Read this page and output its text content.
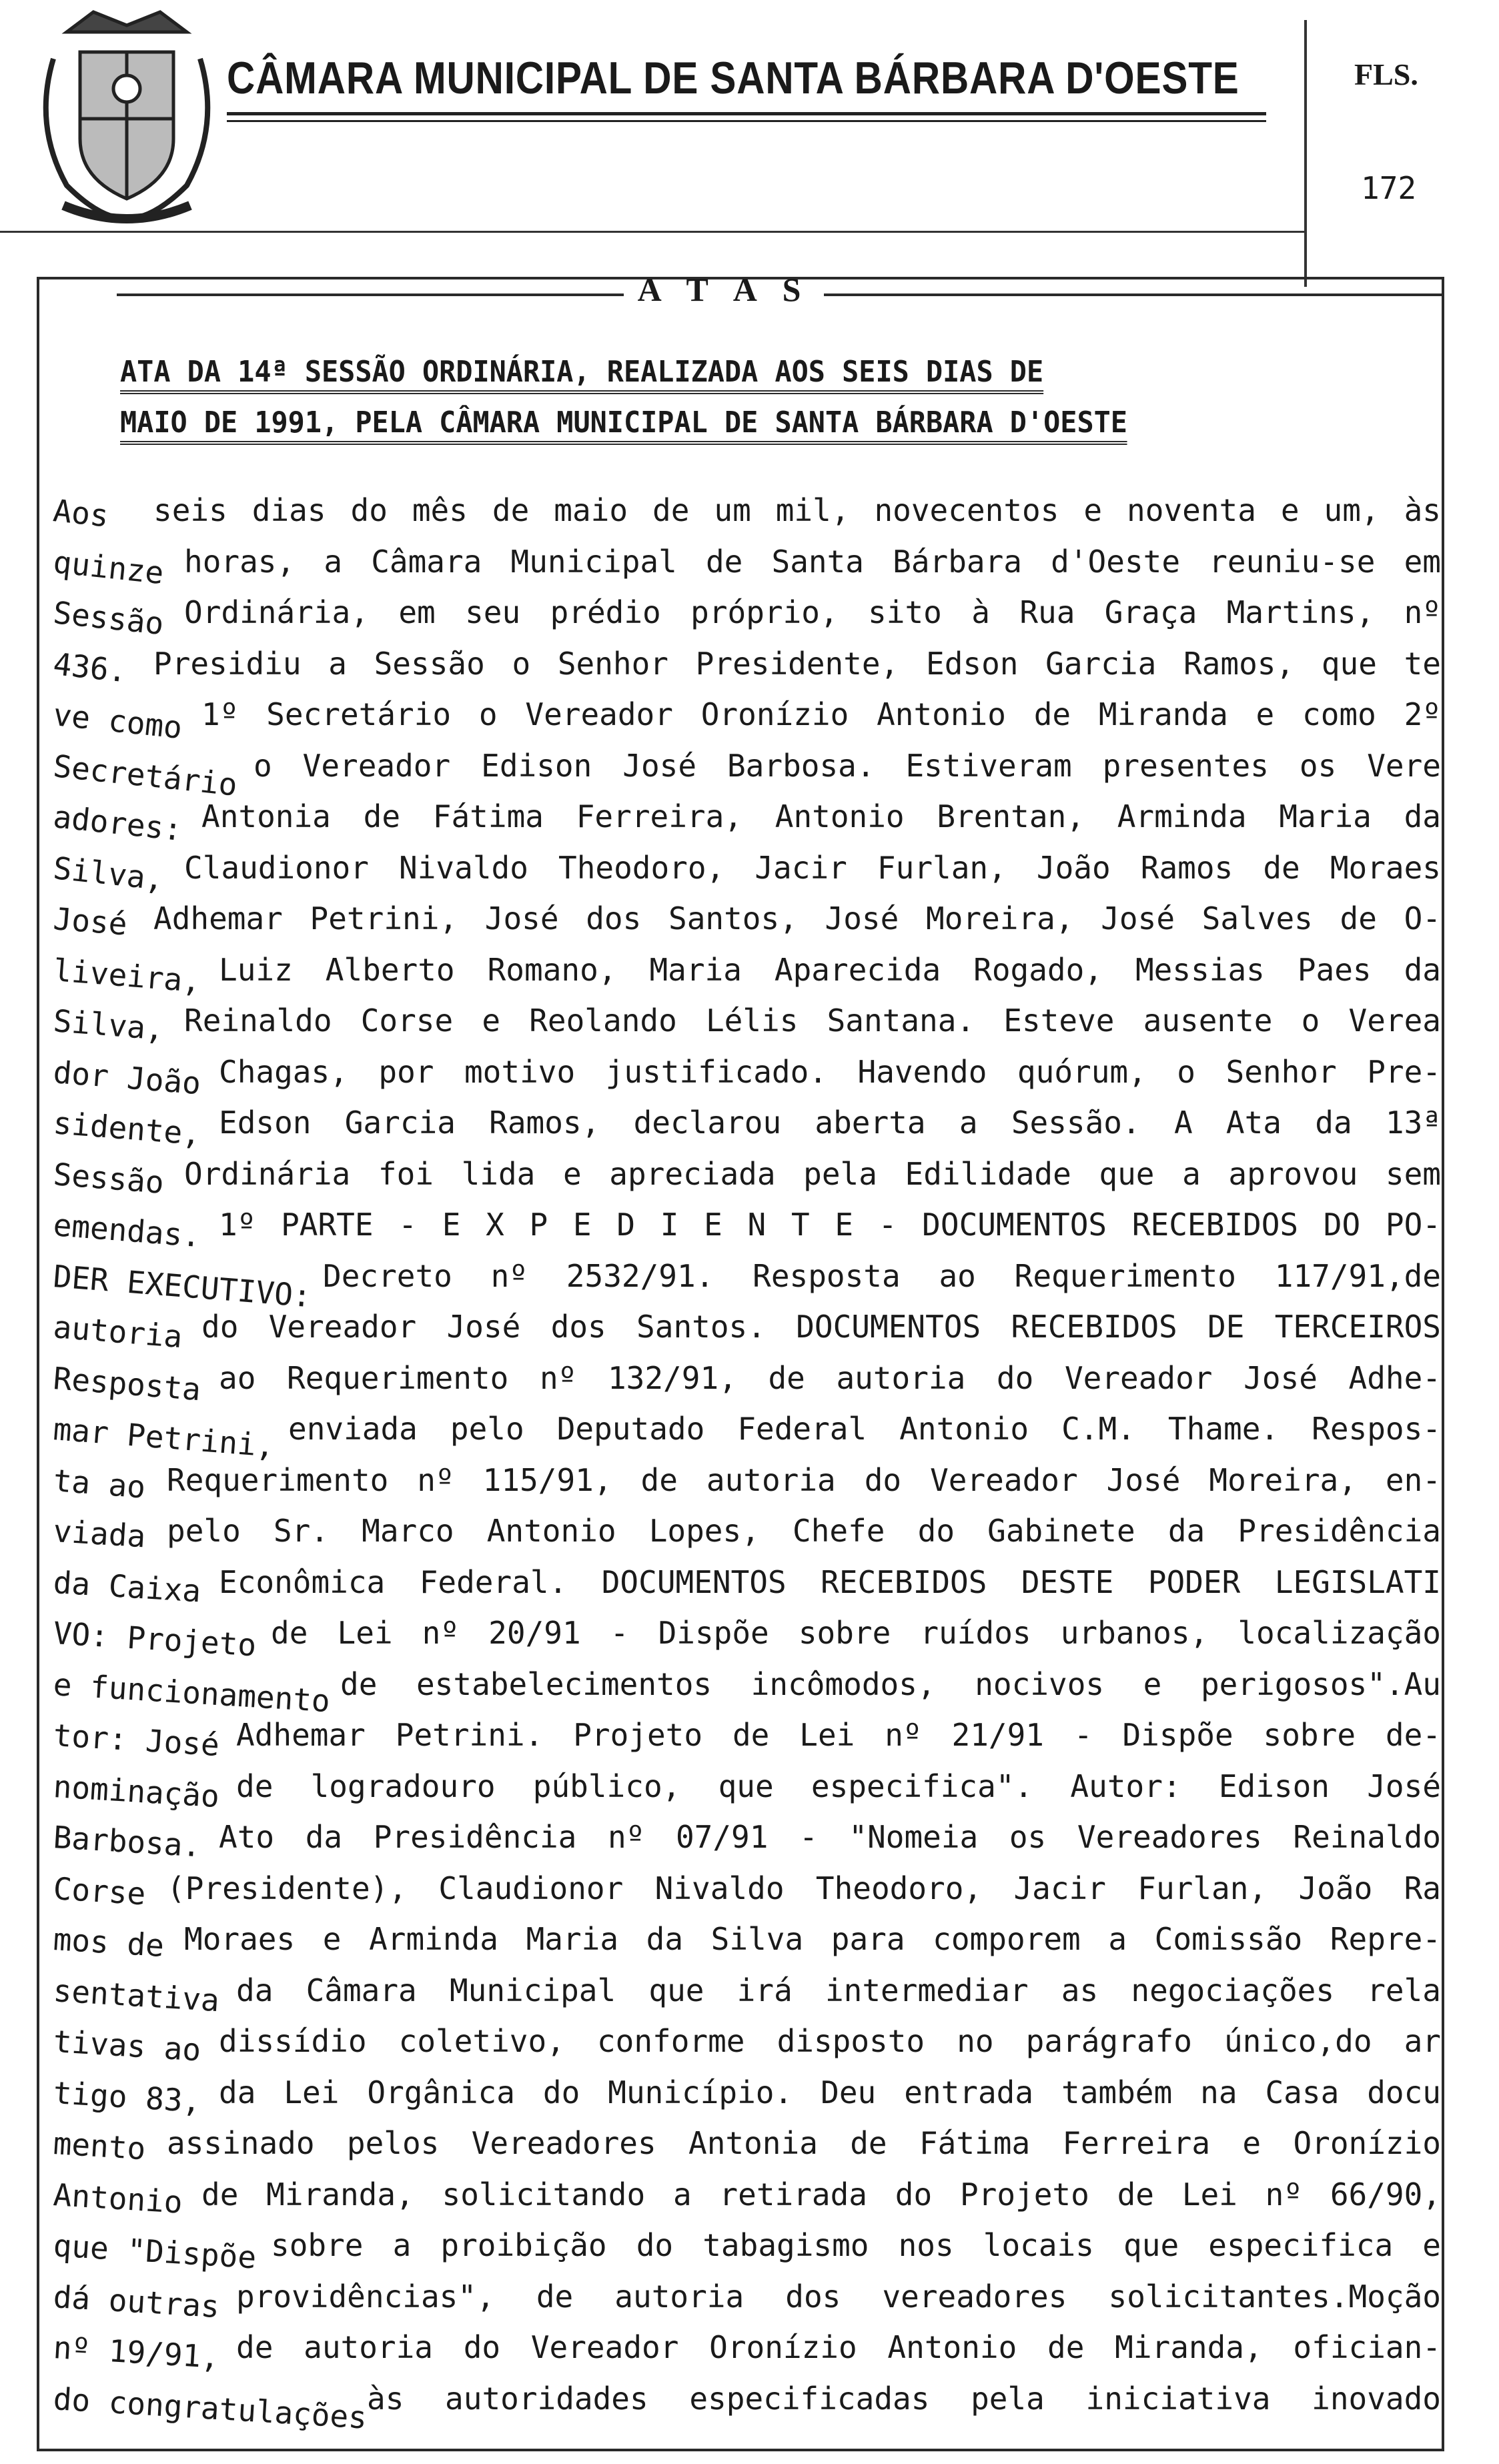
CÂMARA MUNICIPAL DE SANTA BÁRBARA D'OESTE	FLS.
172
A T A S
ATA DA 14ª SESSÃO ORDINÁRIA, REALIZADA AOS SEIS DIAS DE
MAIO DE 1991, PELA CÂMARA MUNICIPAL DE SANTA BÁRBARA D'OESTE
Aos seis dias do mês de maio de um mil, novecentos e noventa e um, às
quinze horas, a Câmara Municipal de Santa Bárbara d'Oeste reuniu-se em
Sessão Ordinária, em seu prédio próprio, sito à Rua Graça Martins, nº
436. Presidiu a Sessão o Senhor Presidente, Edson Garcia Ramos, que te
ve como 1º Secretário o Vereador Oronízio Antonio de Miranda e como 2º
Secretário o Vereador Edison José Barbosa. Estiveram presentes os Vere
adores: Antonia de Fátima Ferreira, Antonio Brentan, Arminda Maria da
Silva, Claudionor Nivaldo Theodoro, Jacir Furlan, João Ramos de Moraes
José Adhemar Petrini, José dos Santos, José Moreira, José Salves de O-
liveira, Luiz Alberto Romano, Maria Aparecida Rogado, Messias Paes da
Silva, Reinaldo Corse e Reolando Lélis Santana. Esteve ausente o Verea
dor João Chagas, por motivo justificado. Havendo quórum, o Senhor Pre-
sidente, Edson Garcia Ramos, declarou aberta a Sessão. A Ata da 13ª
Sessão Ordinária foi lida e apreciada pela Edilidade que a aprovou sem
emendas. 1º PARTE - E X P E D I E N T E - DOCUMENTOS RECEBIDOS DO PO-
DER EXECUTIVO: Decreto nº 2532/91. Resposta ao Requerimento 117/91,de
autoria do Vereador José dos Santos. DOCUMENTOS RECEBIDOS DE TERCEIROS
Resposta ao Requerimento nº 132/91, de autoria do Vereador José Adhe-
mar Petrini, enviada pelo Deputado Federal Antonio C.M. Thame. Respos-
ta ao Requerimento nº 115/91, de autoria do Vereador José Moreira, en-
viada pelo Sr. Marco Antonio Lopes, Chefe do Gabinete da Presidência
da Caixa Econômica Federal. DOCUMENTOS RECEBIDOS DESTE PODER LEGISLATI
VO: Projeto de Lei nº 20/91 - Dispõe sobre ruídos urbanos, localização
e funcionamento de estabelecimentos incômodos, nocivos e perigosos".Au
tor: José Adhemar Petrini. Projeto de Lei nº 21/91 - Dispõe sobre de-
nominação de logradouro público, que especifica". Autor: Edison José
Barbosa. Ato da Presidência nº 07/91 - "Nomeia os Vereadores Reinaldo
Corse (Presidente), Claudionor Nivaldo Theodoro, Jacir Furlan, João Ra
mos de Moraes e Arminda Maria da Silva para comporem a Comissão Repre-
sentativa da Câmara Municipal que irá intermediar as negociações rela
tivas ao dissídio coletivo, conforme disposto no parágrafo único,do ar
tigo 83, da Lei Orgânica do Município. Deu entrada também na Casa docu
mento assinado pelos Vereadores Antonia de Fátima Ferreira e Oronízio
Antonio de Miranda, solicitando a retirada do Projeto de Lei nº 66/90,
que "Dispõe sobre a proibição do tabagismo nos locais que especifica e
dá outras providências", de autoria dos vereadores solicitantes.Moção
nº 19/91, de autoria do Vereador Oronízio Antonio de Miranda, ofician-
do congratulações
às autoridades especificadas pela iniciativa inovado
